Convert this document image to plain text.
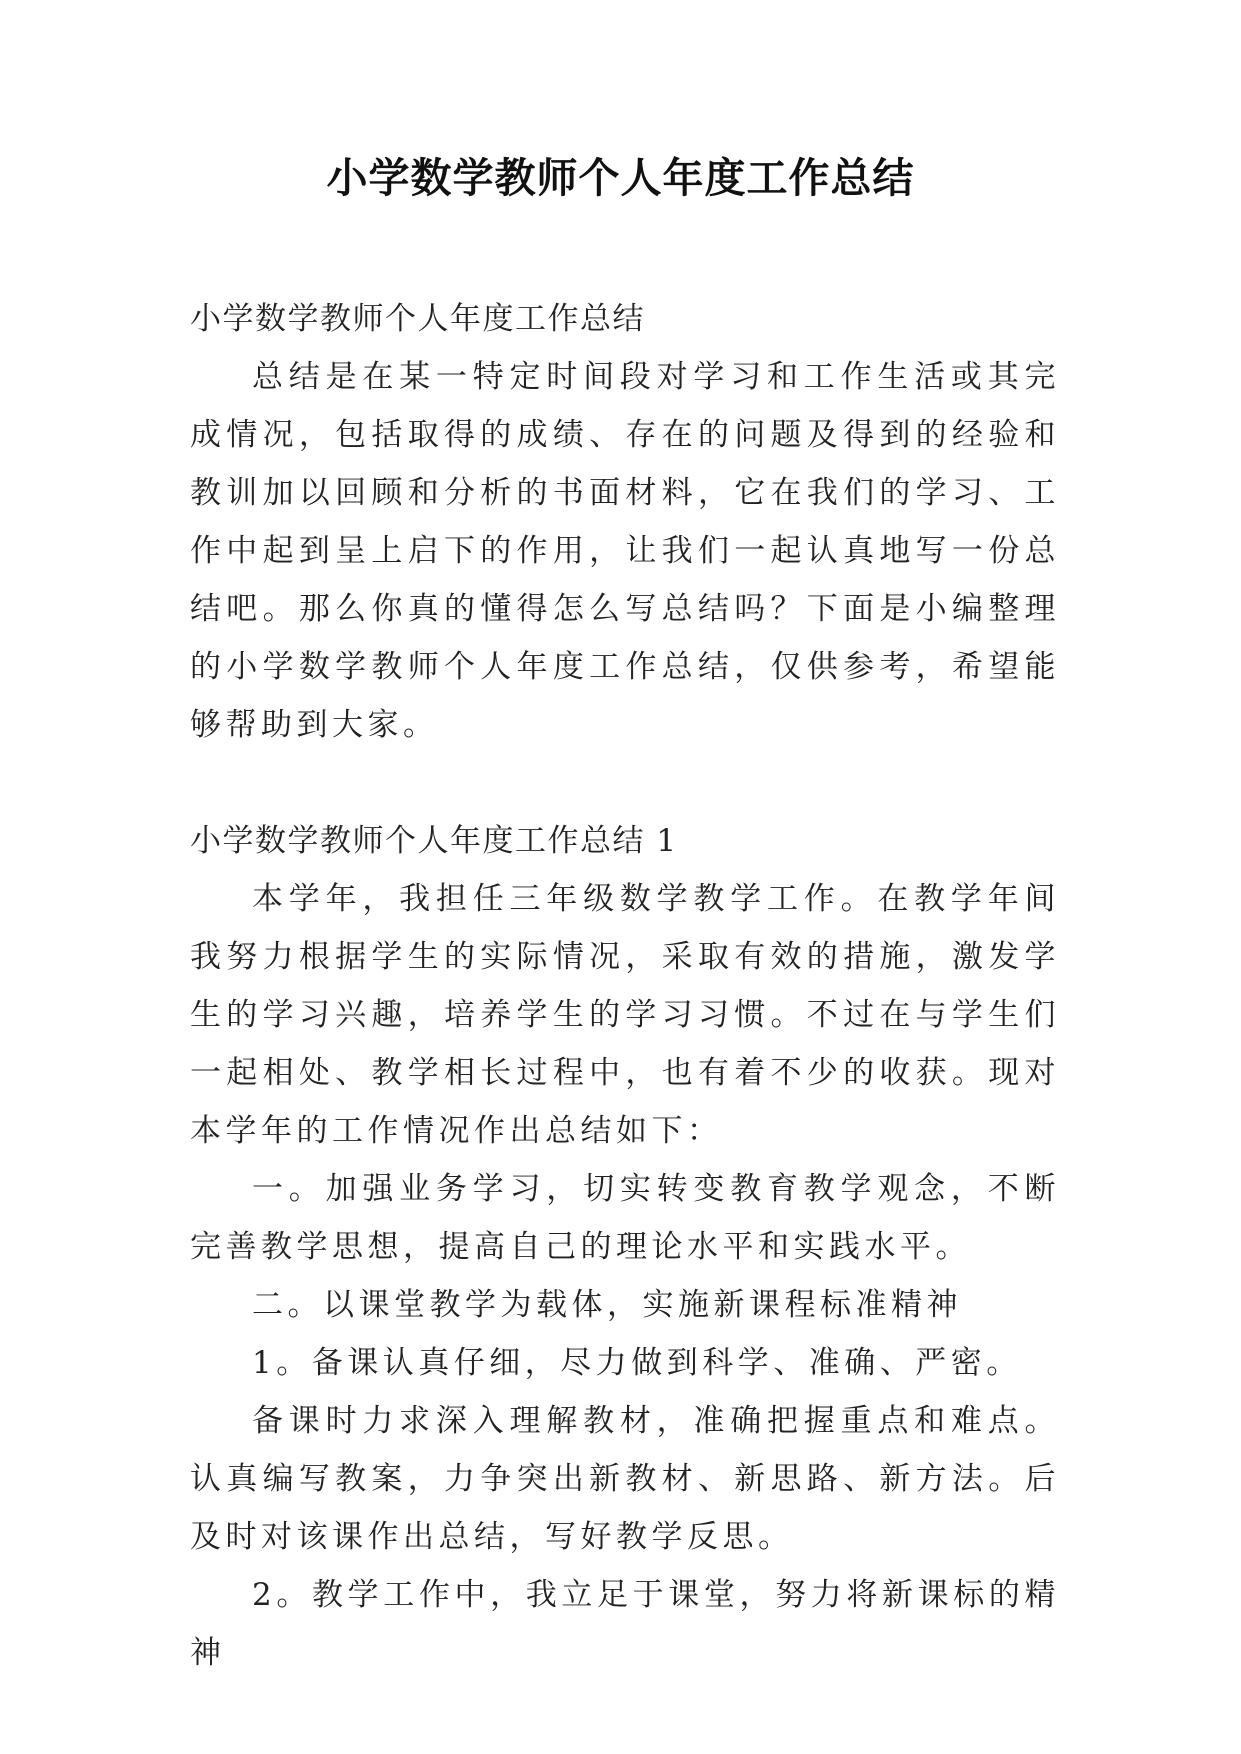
小学数学教师个人年度工作总结

小学数学教师个人年度工作总结

总结是在某一特定时间段对学习和工作生活或其完成情况，包括取得的成绩、存在的问题及得到的经验和教训加以回顾和分析的书面材料，它在我们的学习、工作中起到呈上启下的作用，让我们一起认真地写一份总结吧。那么你真的懂得怎么写总结吗？下面是小编整理的小学数学教师个人年度工作总结，仅供参考，希望能够帮助到大家。

小学数学教师个人年度工作总结 1

本学年，我担任三年级数学教学工作。在教学年间我努力根据学生的实际情况，采取有效的措施，激发学生的学习兴趣，培养学生的学习习惯。不过在与学生们一起相处、教学相长过程中，也有着不少的收获。现对本学年的工作情况作出总结如下：

一。加强业务学习，切实转变教育教学观念，不断完善教学思想，提高自己的理论水平和实践水平。

二。以课堂教学为载体，实施新课程标准精神

1。备课认真仔细，尽力做到科学、准确、严密。

备课时力求深入理解教材，准确把握重点和难点。认真编写教案，力争突出新教材、新思路、新方法。后及时对该课作出总结，写好教学反思。

2。教学工作中，我立足于课堂，努力将新课标的精神
